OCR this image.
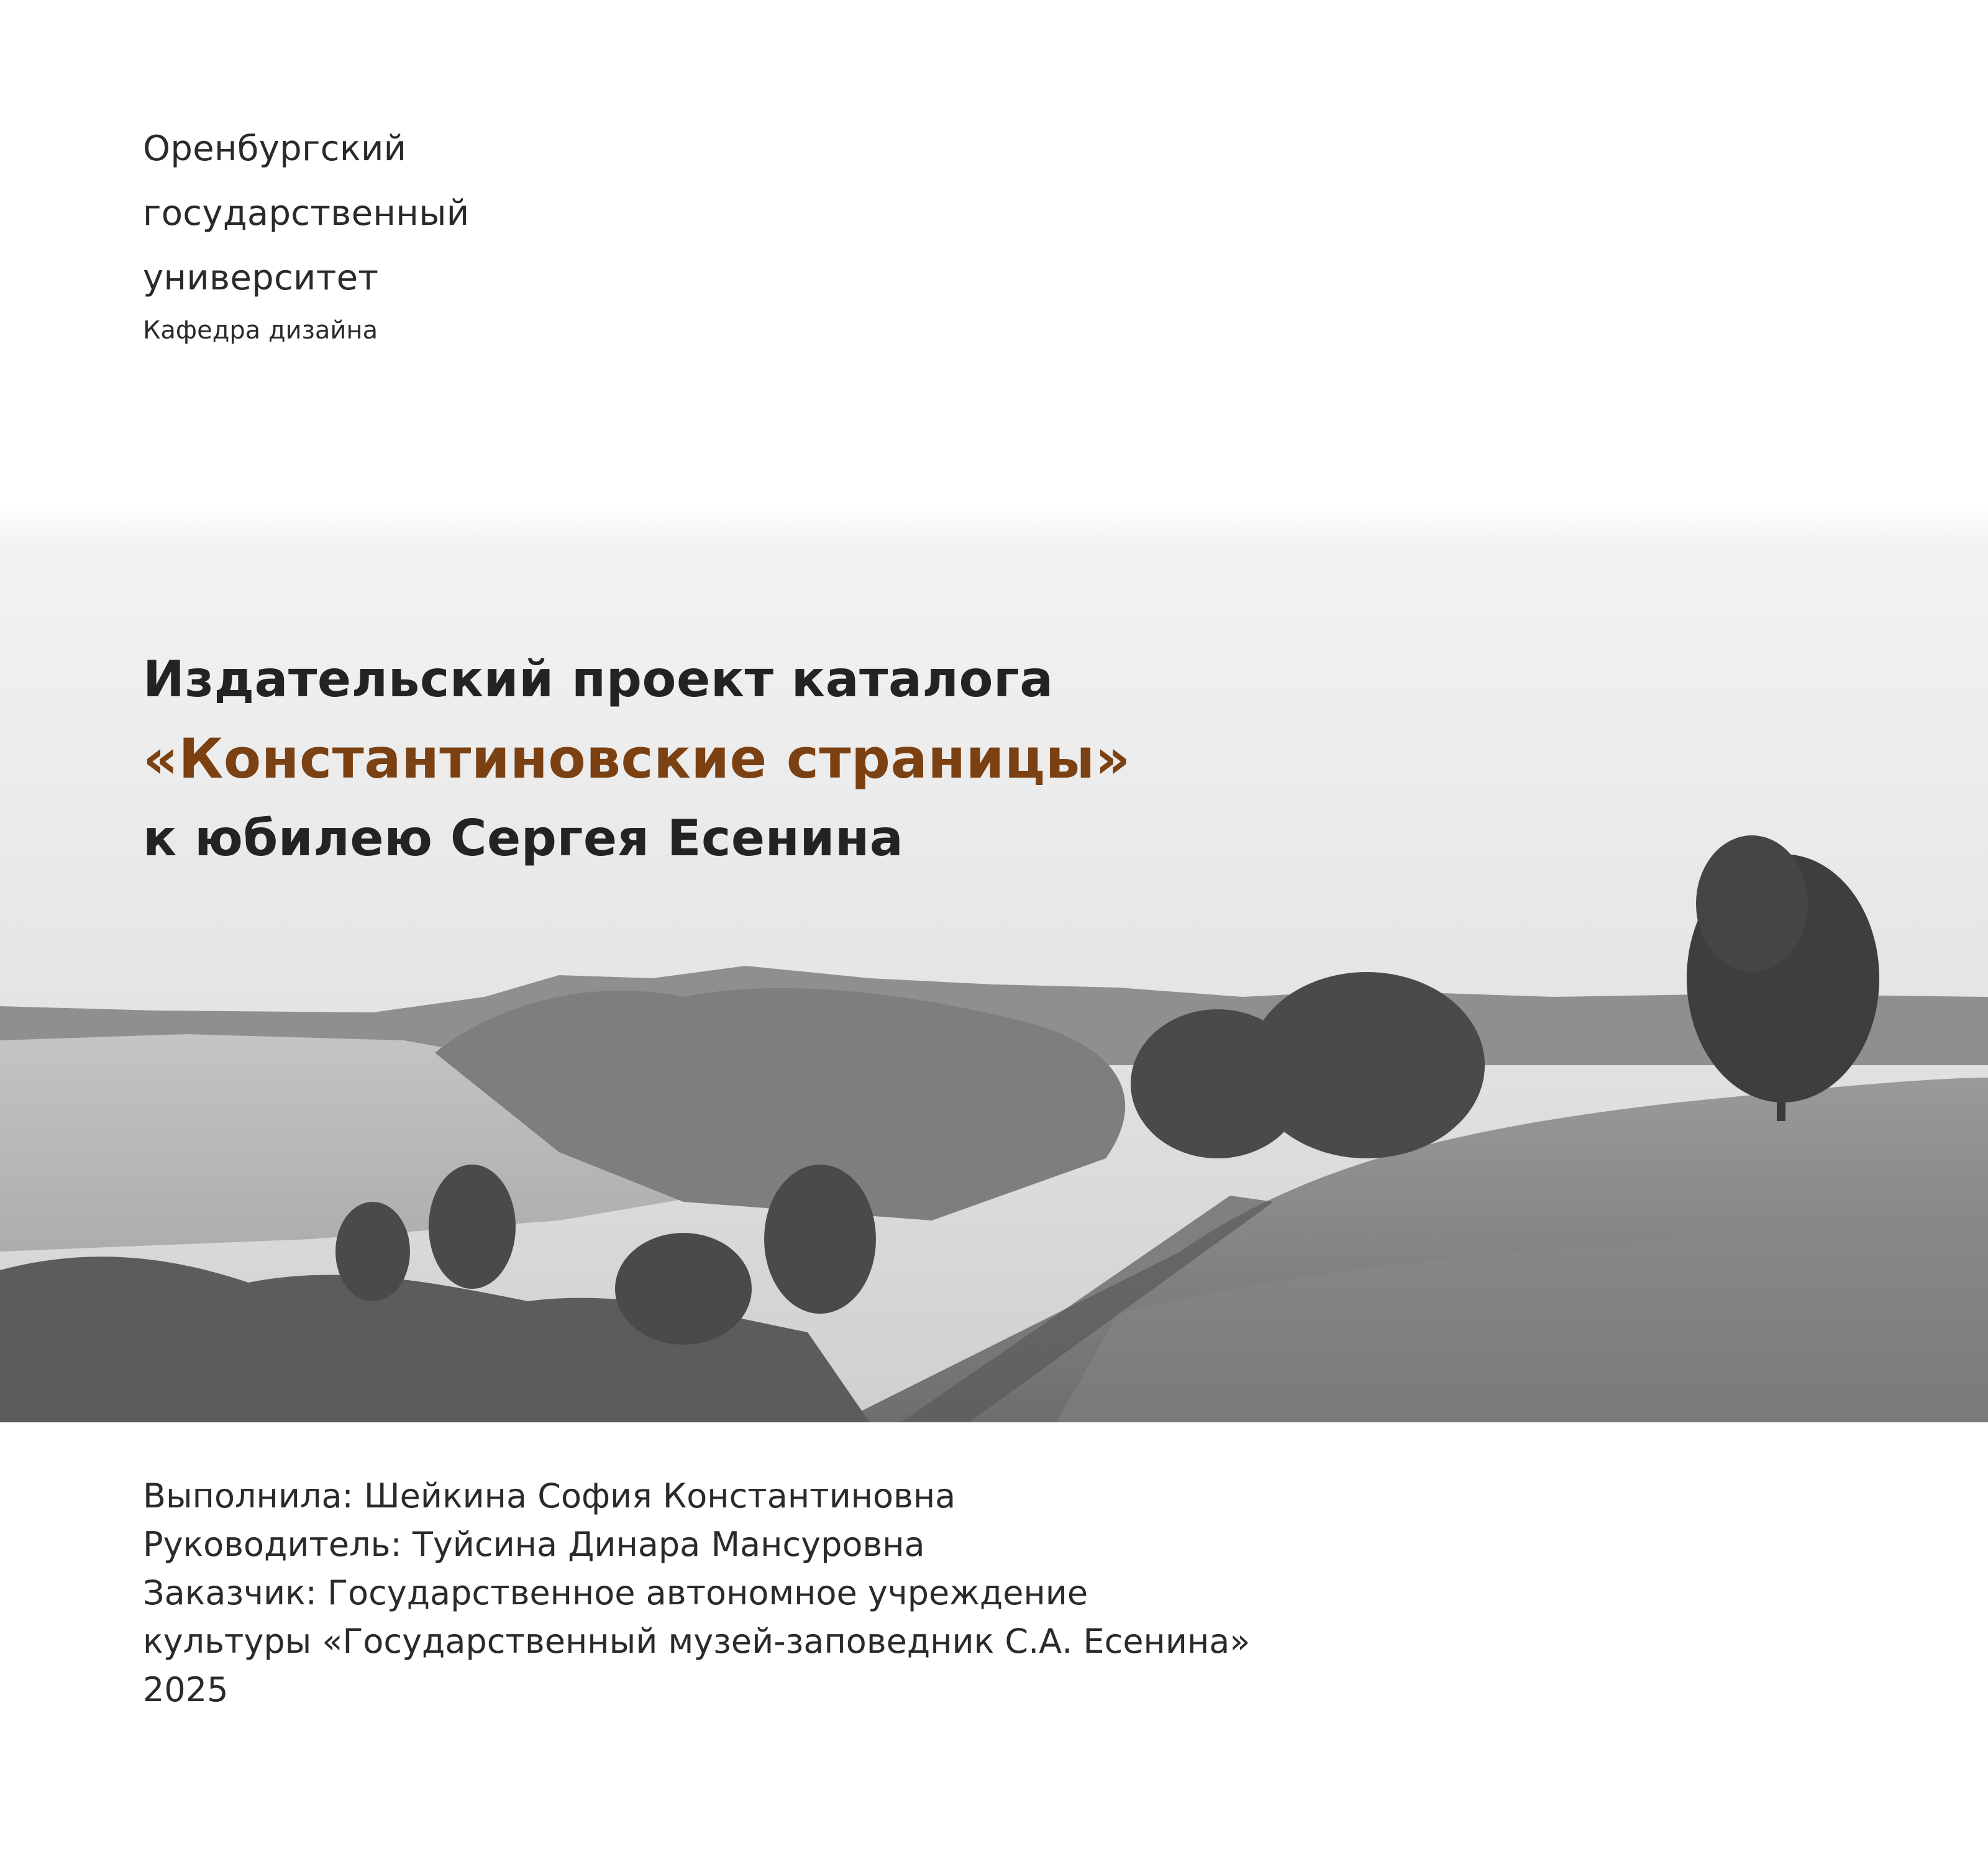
Оренбургский
государственный
университет
Кафедра дизайна
Издательский проект каталога
«Константиновские страницы»
к юбилею Сергея Есенина
Выполнила: Шейкина София Константиновна
Руководитель: Туйсина Динара Мансуровна
Заказчик: Государственное автономное учреждение
культуры «Государственный музей-заповедник С.А. Есенина»
2025
